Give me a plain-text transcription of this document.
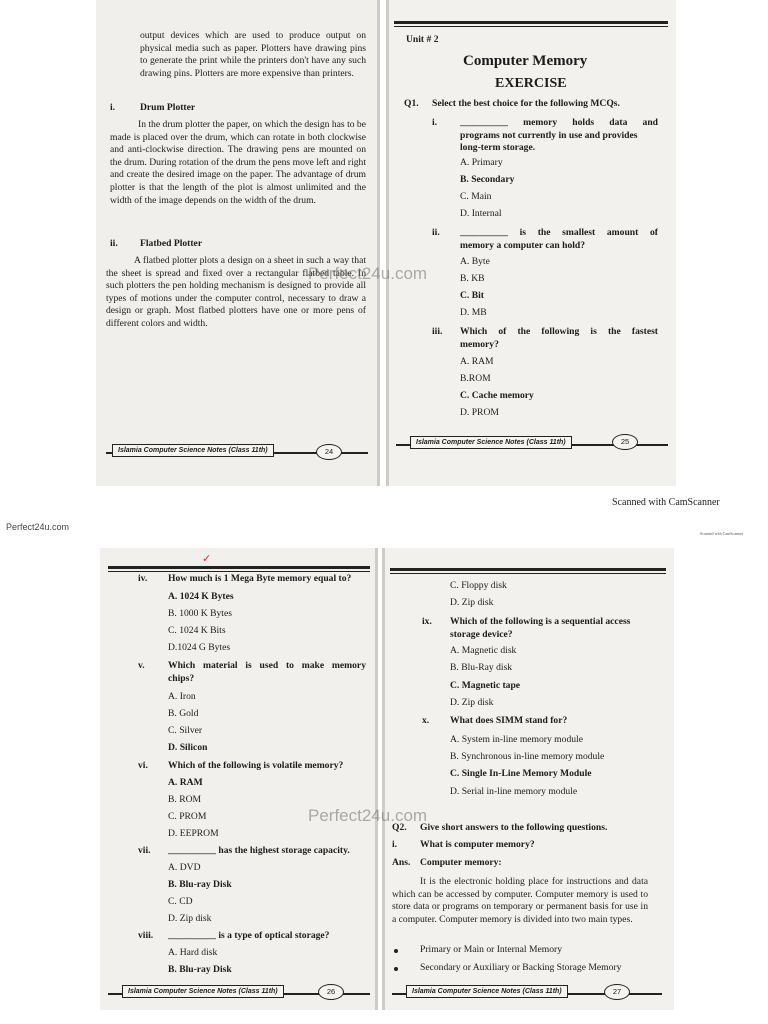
output devices which are used to produce output on physical media such as paper. Plotters have drawing pins to generate the print while the printers don't have any such drawing pins. Plotters are more expensive than printers.
i.	Drum Plotter
In the drum plotter the paper, on which the design has to be made is placed over the drum, which can rotate in both clockwise and anti-clockwise direction. The drawing pens are mounted on the drum. During rotation of the drum the pens move left and right and create the desired image on the paper. The advantage of drum plotter is that the length of the plot is almost unlimited and the width of the image depends on the width of the drum.
ii. Flatbed Plotter
A flatbed plotter plots a design on a sheet in such a way that the sheet is spread and fixed over a rectangular flatbed table. In such plotters the pen holding mechanism is designed to provide all types of motions under the computer control, necessary to draw a design or graph. Most flatbed plotters have one or more pens of different colors and width.
Islamia Computer Science Notes (Class 11th)	24
Unit # 2
Computer Memory
EXERCISE
Q1. Select the best choice for the following MCQs.
i. __________ memory holds data and
programs not currently in use and provides
long-term storage.
A. Primary
B. Secondary
C. Main
D. Internal
ii. __________ is the smallest amount of
memory a computer can hold?
A. Byte
B. KB
C. Bit
D. MB
iii. Which of the following is the fastest
memory?
A. RAM
B.ROM
C. Cache memory
D. PROM
Islamia Computer Science Notes (Class 11th)	25
Perfect24u.com
Scanned with CamScanner
Perfect24u.com
Scanned with CamScanner
✓
iv. How much is 1 Mega Byte memory equal to?
A. 1024 K Bytes
B. 1000 K Bytes
C. 1024 K Bits
D.1024 G Bytes
v. Which material is used to make memory
chips?
A. Iron
B. Gold
C. Silver
D. Silicon
vi. Which of the following is volatile memory?
A. RAM
B. ROM
C. PROM
D. EEPROM
vii. __________ has the highest storage capacity.
A. DVD
B. Blu-ray Disk
C. CD
D. Zip disk
viii. __________ is a type of optical storage?
A. Hard disk
B. Blu-ray Disk
Islamia Computer Science Notes (Class 11th)	26
C. Floppy disk
D. Zip disk
ix. Which of the following is a sequential access
storage device?
A. Magnetic disk
B. Blu-Ray disk
C. Magnetic tape
D. Zip disk
x. What does SIMM stand for?
A. System in-line memory module
B. Synchronous in-line memory module
C. Single In-Line Memory Module
D. Serial in-line memory module
Q2. Give short answers to the following questions.
i. What is computer memory?
Ans. Computer memory:
It is the electronic holding place for instructions and data which can be accessed by computer. Computer memory is used to store data or programs on temporary or permanent basis for use in a computer. Computer memory is divided into two main types.
Primary or Main or Internal Memory
Secondary or Auxiliary or Backing Storage Memory
Islamia Computer Science Notes (Class 11th)	27
Perfect24u.com
